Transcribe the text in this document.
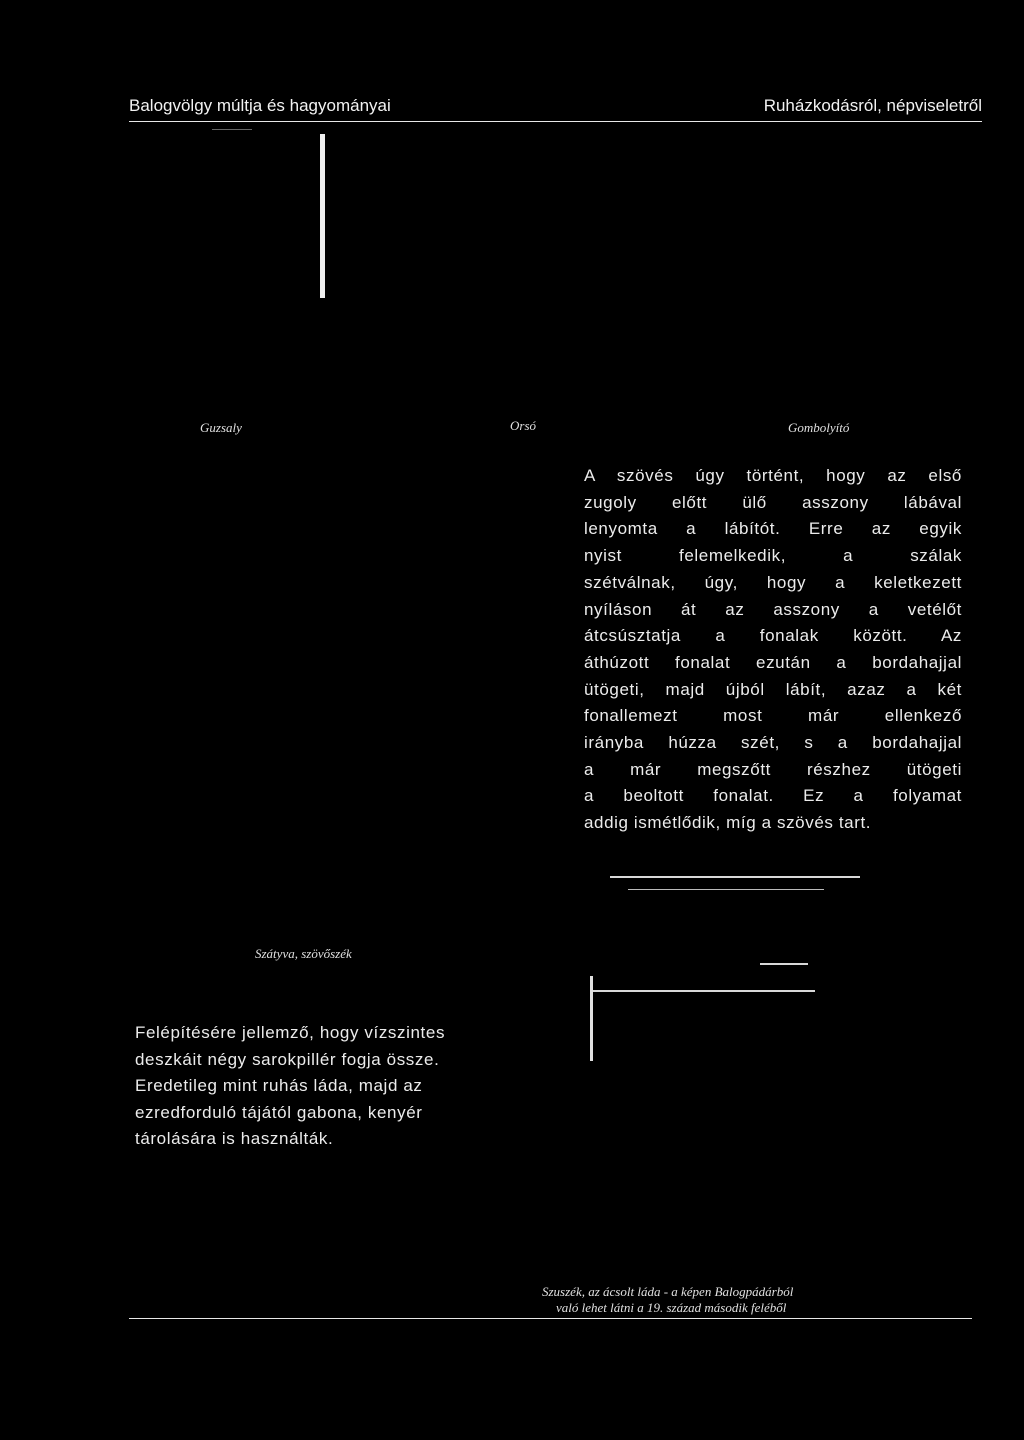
Balogvölgy múltja és hagyományai	Ruházkodásról, népviseletről
Guzsaly	Orsó	Gombolyító
A szövés úgy történt, hogy az első
zugoly előtt ülő asszony lábával
lenyomta a lábítót. Erre az egyik
nyist felemelkedik, a szálak
szétválnak, úgy, hogy a keletkezett
nyíláson át az asszony a vetélőt
átcsúsztatja a fonalak között. Az
áthúzott fonalat ezután a bordahajjal
ütögeti, majd újból lábít, azaz a két
fonallemezt most már ellenkező
irányba húzza szét, s a bordahajjal
a már megszőtt részhez ütögeti
a beoltott fonalat. Ez a folyamat
addig ismétlődik, míg a szövés tart.
Szátyva, szövőszék
Felépítésére jellemző, hogy vízszintes
deszkáit négy sarokpillér fogja össze.
Eredetileg mint ruhás láda, majd az
ezredforduló tájától gabona, kenyér
tárolására is használták.
Szuszék, az ácsolt láda - a képen Balogpádárból
való lehet látni a 19. század második feléből
